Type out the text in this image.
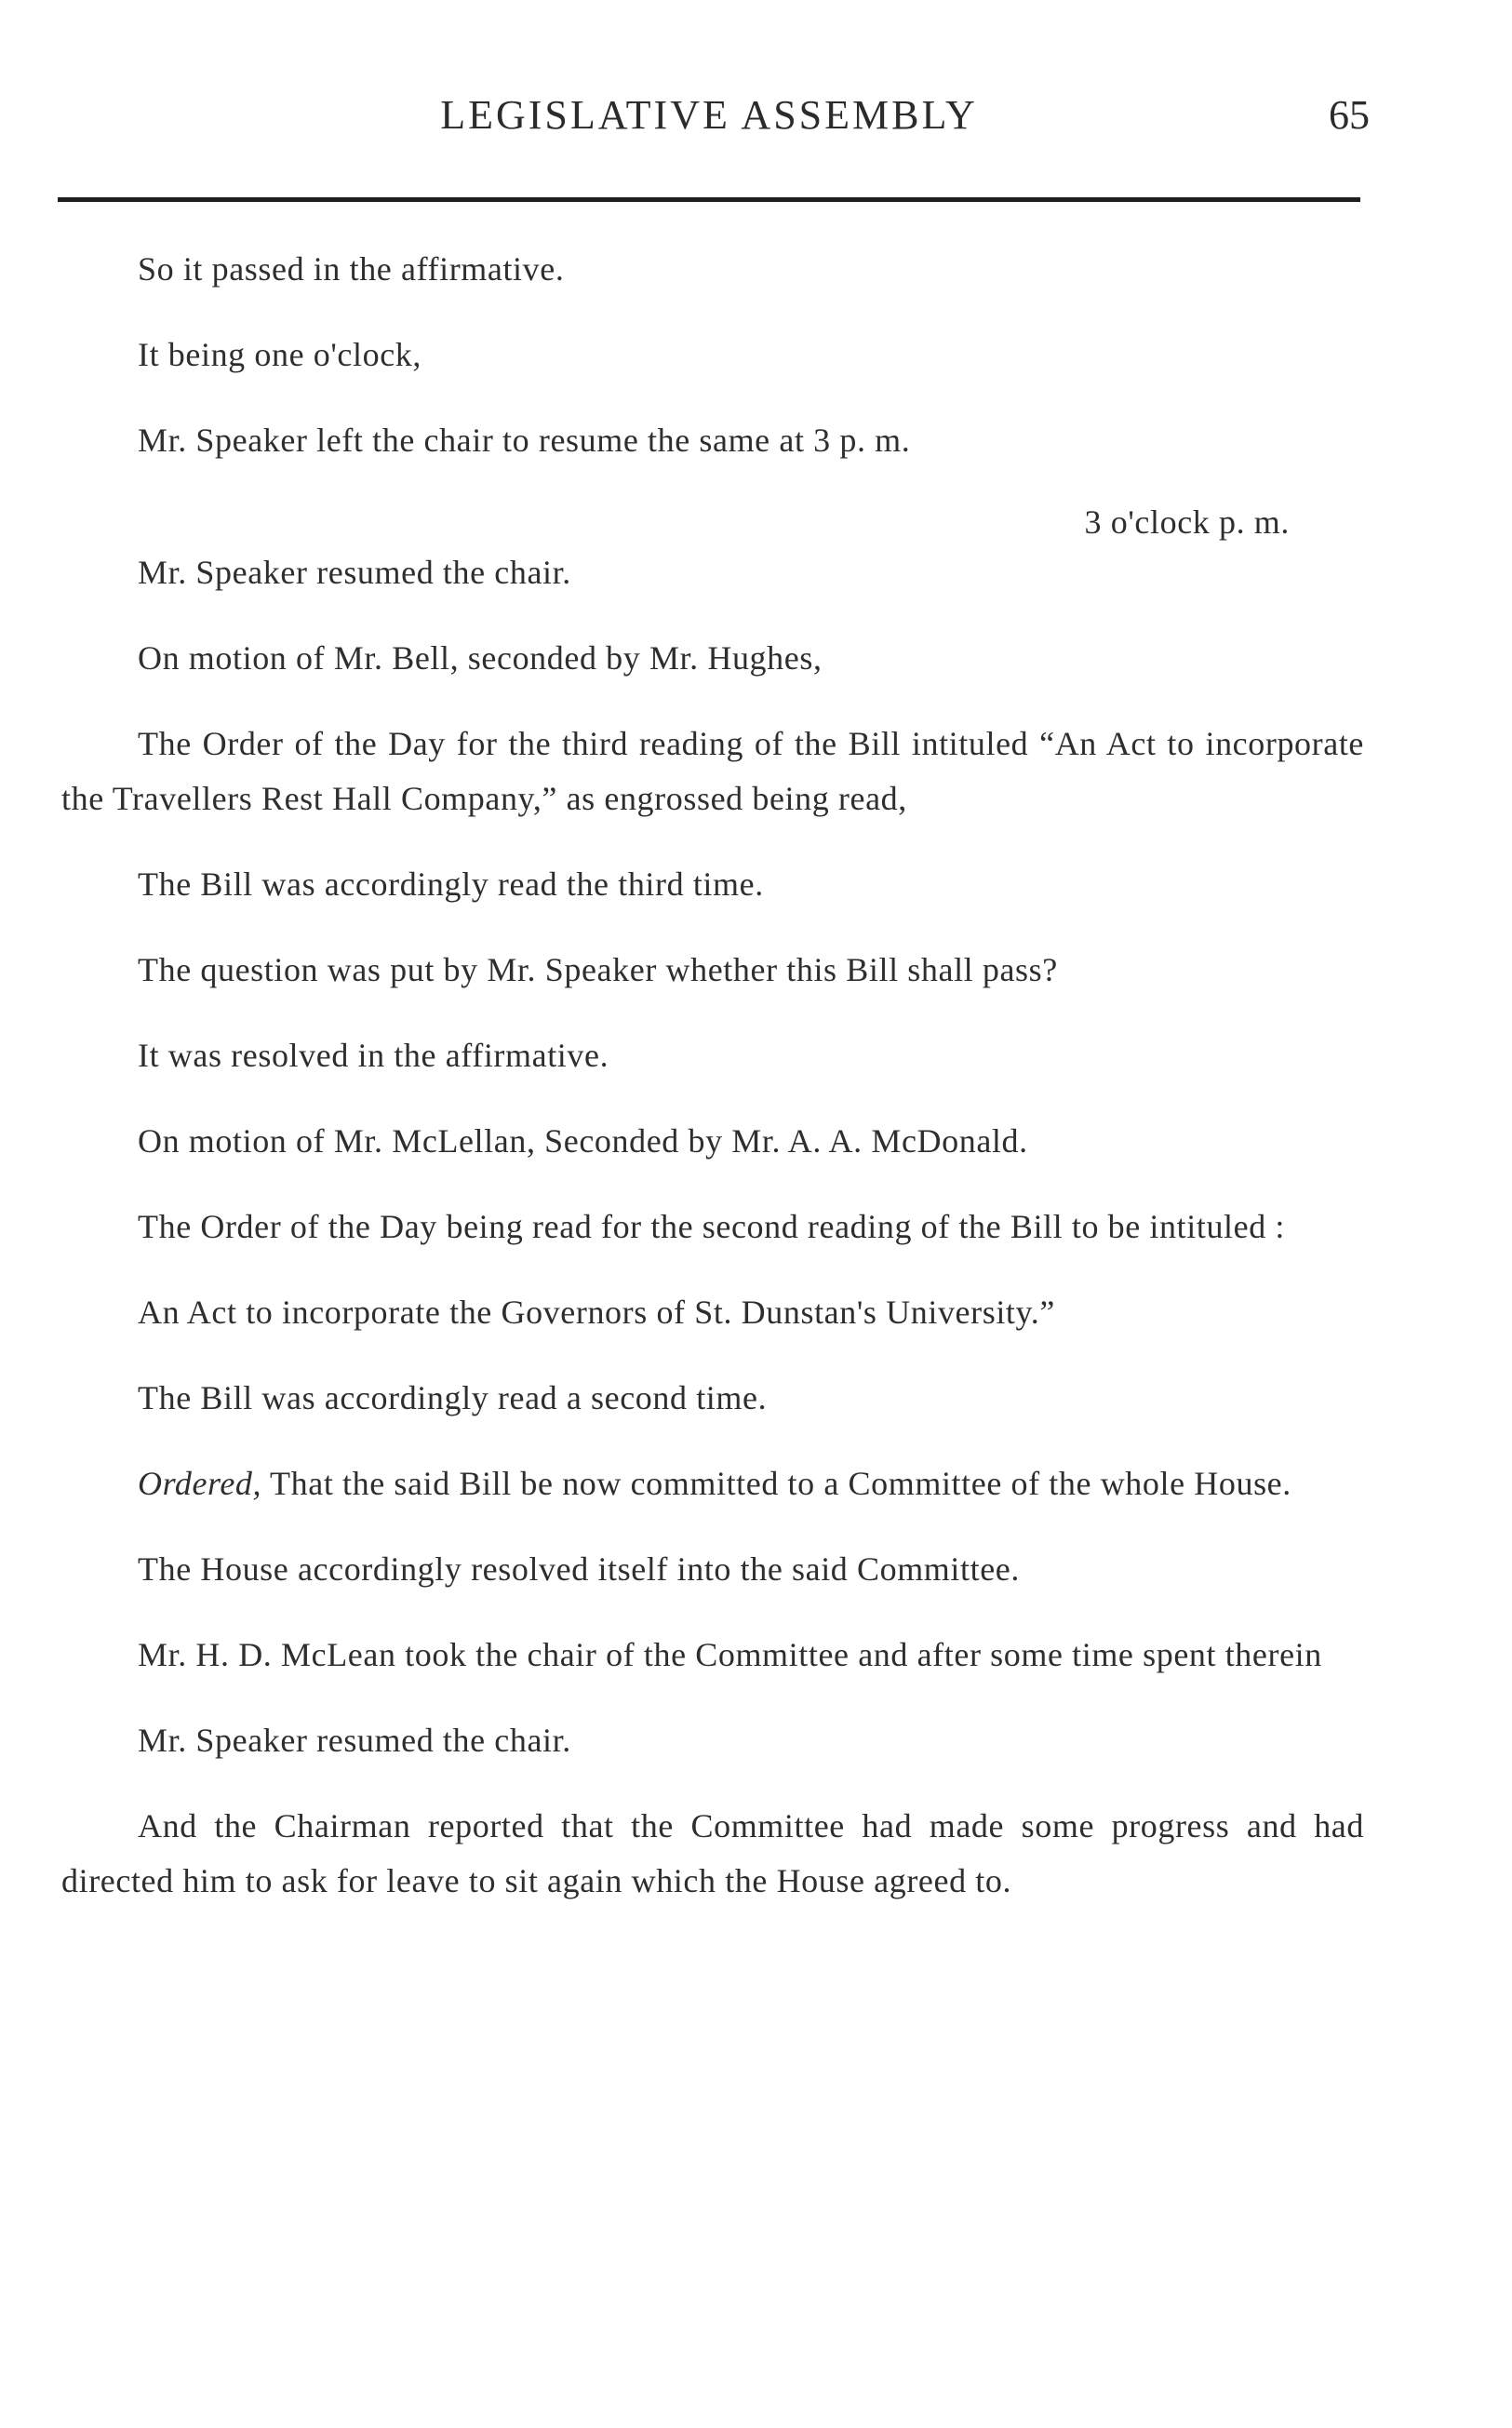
LEGISLATIVE ASSEMBLY	65

So it passed in the affirmative.

It being one o'clock,

Mr. Speaker left the chair to resume the same at 3 p. m.

3 o'clock p. m.

Mr. Speaker resumed the chair.

On motion of Mr. Bell, seconded by Mr. Hughes,

The Order of the Day for the third reading of the Bill intituled “An Act to incorporate the Travellers Rest Hall Company,” as engrossed being read,

The Bill was accordingly read the third time.

The question was put by Mr. Speaker whether this Bill shall pass?

It was resolved in the affirmative.

On motion of Mr. McLellan, Seconded by Mr. A. A. McDonald.

The Order of the Day being read for the second reading of the Bill to be intituled :

An Act to incorporate the Governors of St. Dunstan's University.”

The Bill was accordingly read a second time.

Ordered, That the said Bill be now committed to a Committee of the whole House.

The House accordingly resolved itself into the said Committee.

Mr. H. D. McLean took the chair of the Committee and after some time spent therein

Mr. Speaker resumed the chair.

And the Chairman reported that the Committee had made some progress and had directed him to ask for leave to sit again which the House agreed to.
